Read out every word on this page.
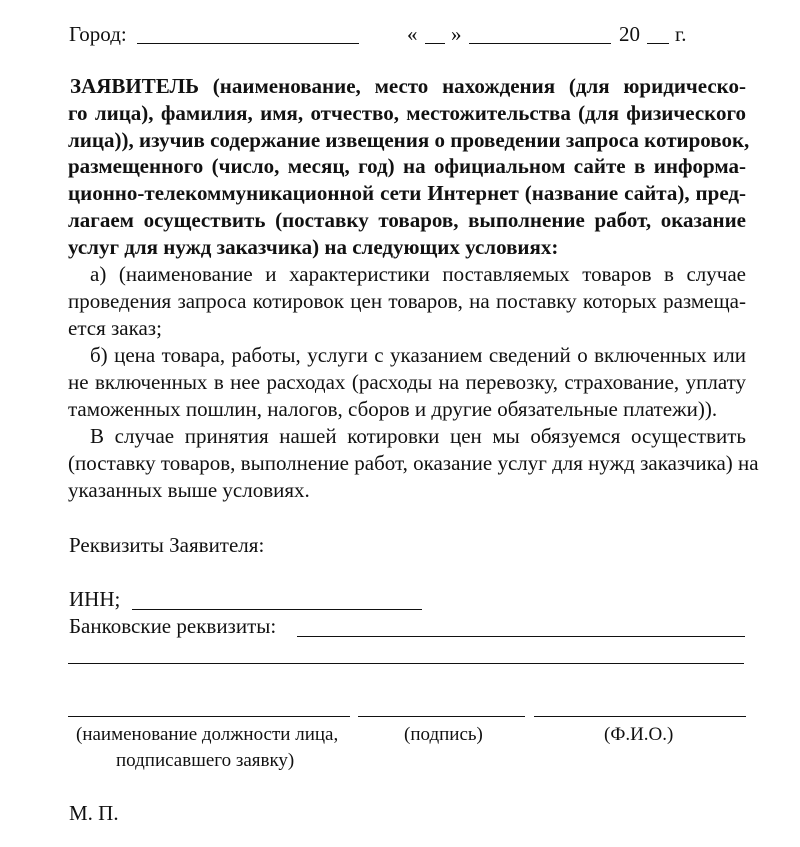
Город:	« »	20 г.
ЗАЯВИТЕЛЬ (наименование, место нахождения (для юридическо-
го лица), фамилия, имя, отчество, местожительства (для физического
лица)), изучив содержание извещения о проведении запроса котировок,
размещенного (число, месяц, год) на официальном сайте в информа-
ционно-телекоммуникационной сети Интернет (название сайта), пред-
лагаем осуществить (поставку товаров, выполнение работ, оказание
услуг для нужд заказчика) на следующих условиях:
а) (наименование и характеристики поставляемых товаров в случае
проведения запроса котировок цен товаров, на поставку которых размеща-
ется заказ;
б) цена товара, работы, услуги с указанием сведений о включенных или
не включенных в нее расходах (расходы на перевозку, страхование, уплату
таможенных пошлин, налогов, сборов и другие обязательные платежи)).
В случае принятия нашей котировки цен мы обязуемся осуществить
(поставку товаров, выполнение работ, оказание услуг для нужд заказчика) на
указанных выше условиях.
Реквизиты Заявителя:
ИНН;
Банковские реквизиты:
(наименование должности лица,
подписавшего заявку)
(подпись)	(Ф.И.О.)
М. П.
